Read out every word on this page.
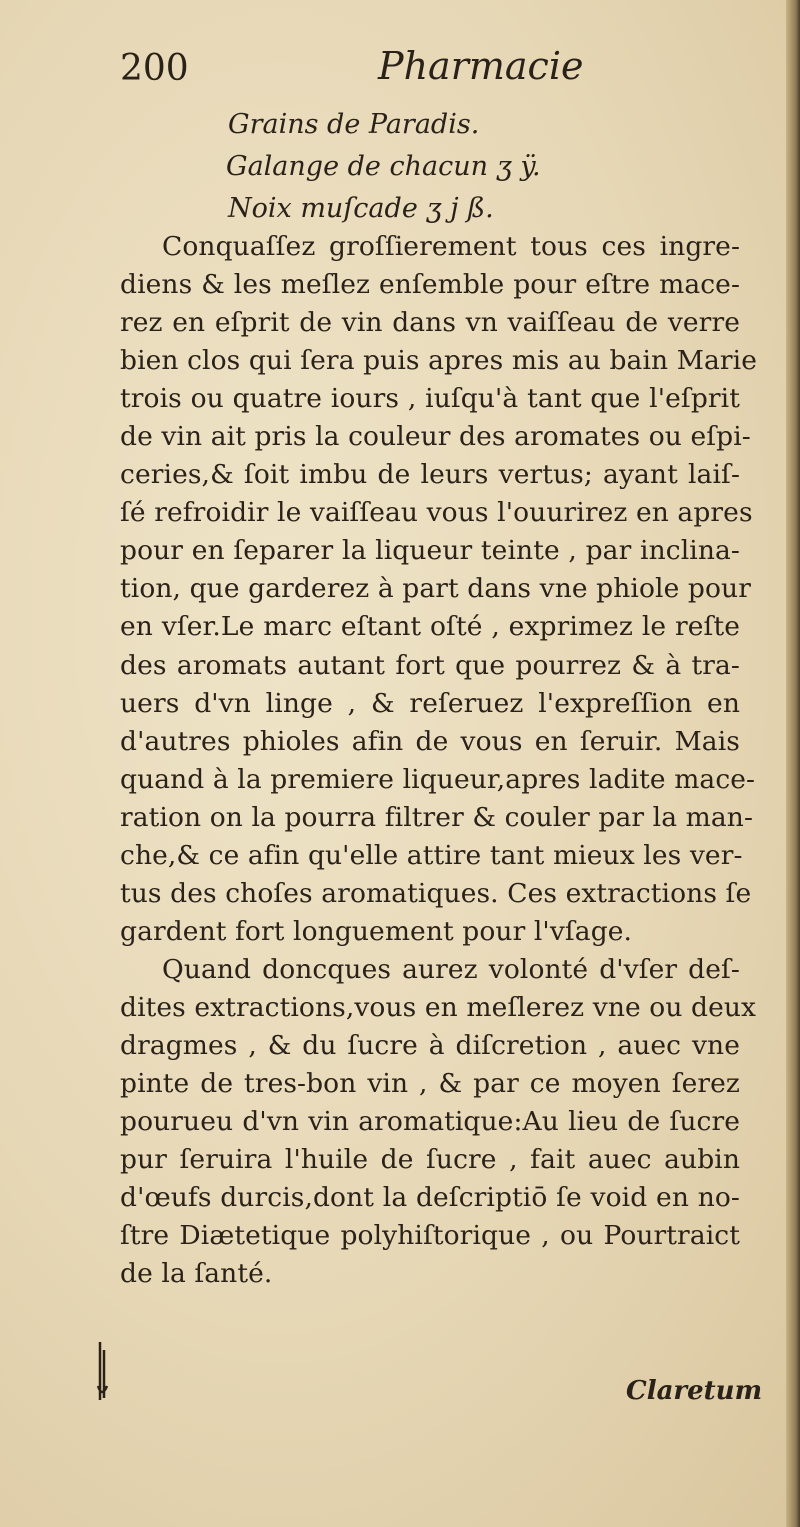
200	Pharmacie
Grains de Paradis.
Galange de chacun ʒ ÿ.
Noix muſcade ʒ j ß.
Conquaſſez groſſierement tous ces ingre-
diens & les meſlez enſemble pour eſtre mace-
rez en eſprit de vin dans vn vaiſſeau de verre
bien clos qui ſera puis apres mis au bain Marie
trois ou quatre iours , iuſqu'à tant que l'eſprit
de vin ait pris la couleur des aromates ou eſpi-
ceries,& ſoit imbu de leurs vertus; ayant laiſ-
ſé refroidir le vaiſſeau vous l'ouurirez en apres
pour en ſeparer la liqueur teinte , par inclina-
tion, que garderez à part dans vne phiole pour
en vſer.Le marc eſtant oſté , exprimez le reſte
des aromats autant fort que pourrez & à tra-
uers d'vn linge , & reſeruez l'expreſſion en
d'autres phioles afin de vous en ſeruir. Mais
quand à la premiere liqueur,apres ladite mace-
ration on la pourra filtrer & couler par la man-
che,& ce afin qu'elle attire tant mieux les ver-
tus des choſes aromatiques. Ces extractions ſe
gardent fort longuement pour l'vſage.
Quand doncques aurez volonté d'vſer deſ-
dites extractions,vous en meſlerez vne ou deux
dragmes , & du ſucre à diſcretion , auec vne
pinte de tres-bon vin , & par ce moyen ſerez
pourueu d'vn vin aromatique:Au lieu de ſucre
pur ſeruira l'huile de ſucre , fait auec aubin
d'œufs durcis,dont la deſcriptiō ſe void en no-
ſtre Diætetique polyhiſtorique , ou Pourtraict
de la ſanté.
Claretum
